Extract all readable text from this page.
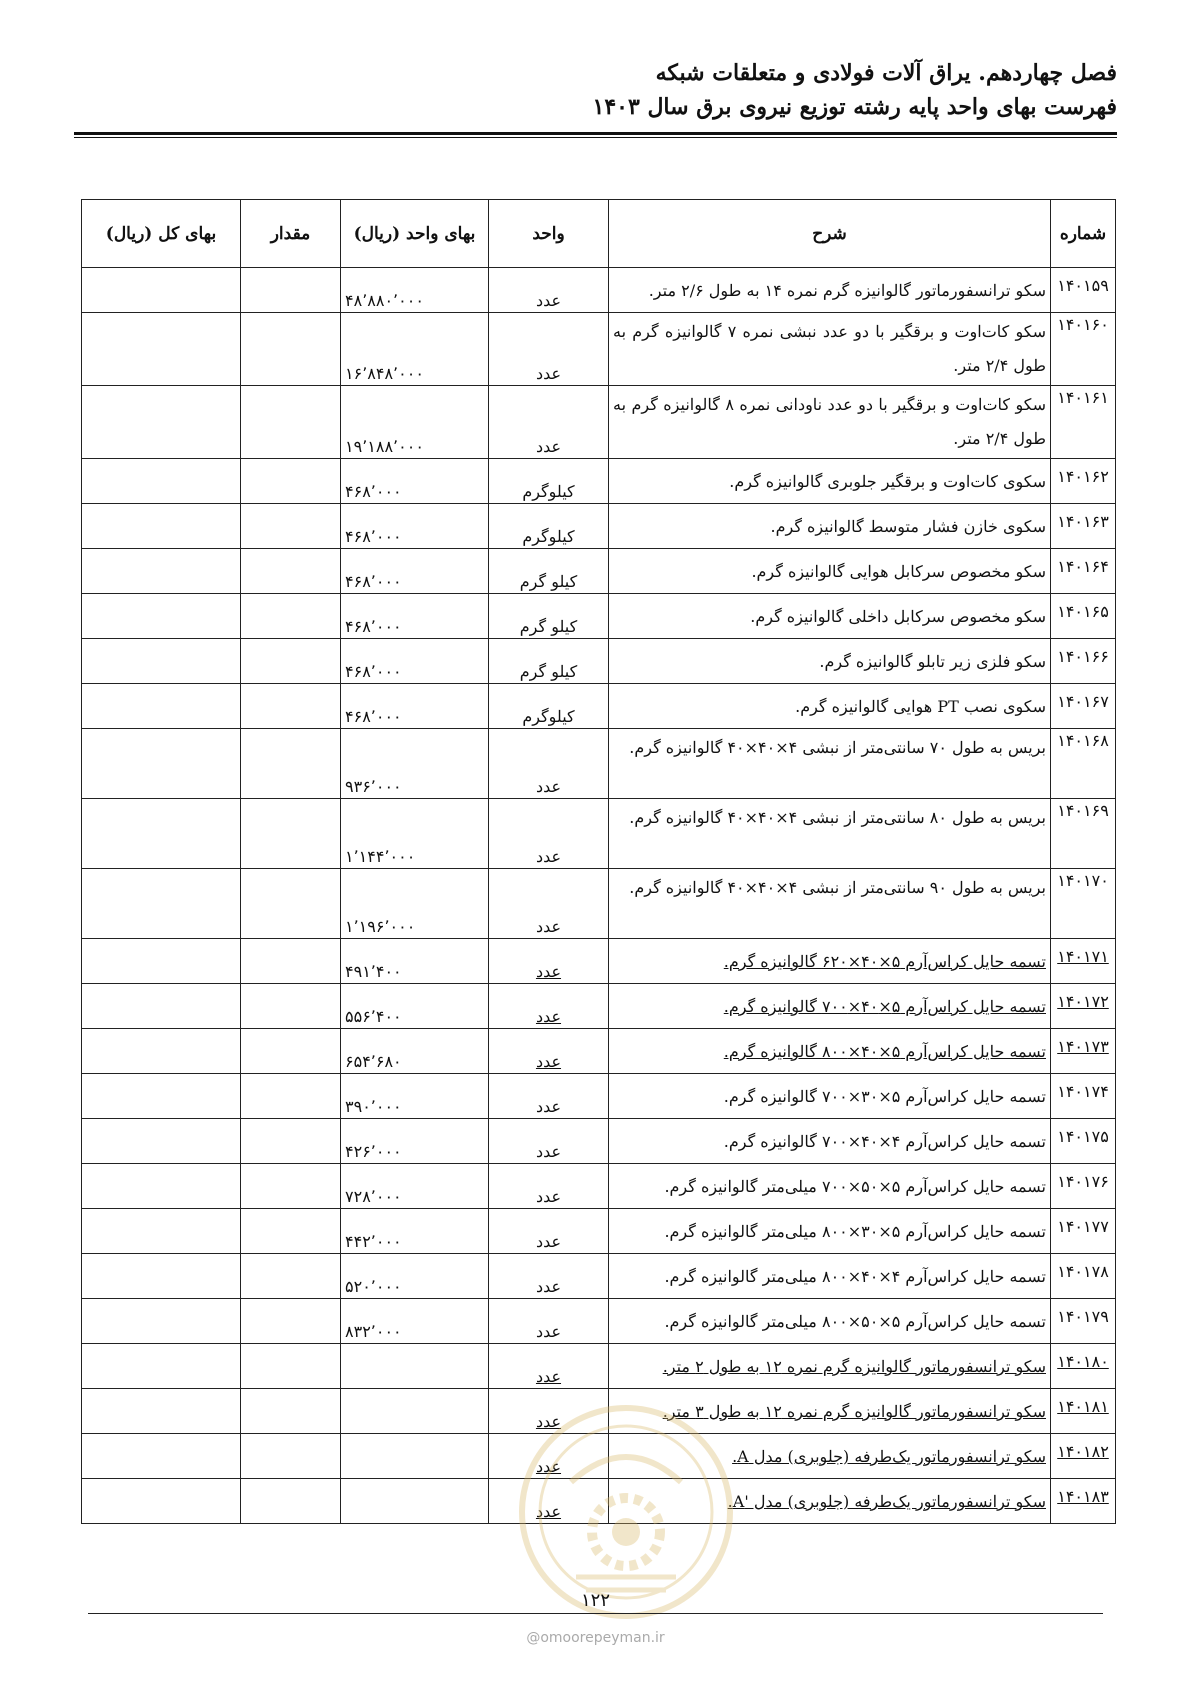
فصل چهاردهم. یراق آلات فولادی و متعلقات شبکه
فهرست بهای واحد پایه رشته توزیع نیروی برق سال ۱۴۰۳
شماره	شرح	واحد	بهای واحد (ریال)	مقدار	بهای کل (ریال)
۱۴۰۱۵۹	سکو ترانسفورماتور گالوانیزه گرم نمره ۱۴ به طول ۲/۶ متر.	عدد	۴۸٬۸۸۰٬۰۰۰		
۱۴۰۱۶۰	سکو کات‌اوت و برقگیر با دو عدد نبشی نمره ۷ گالوانیزه گرم به طول ۲/۴ متر.	عدد	۱۶٬۸۴۸٬۰۰۰		
۱۴۰۱۶۱	سکو کات‌اوت و برقگیر با دو عدد ناودانی نمره ۸ گالوانیزه گرم به طول ۲/۴ متر.	عدد	۱۹٬۱۸۸٬۰۰۰		
۱۴۰۱۶۲	سکوی کات‌اوت و برقگیر جلوبری گالوانیزه گرم.	کیلوگرم	۴۶۸٬۰۰۰		
۱۴۰۱۶۳	سکوی خازن فشار متوسط گالوانیزه گرم.	کیلوگرم	۴۶۸٬۰۰۰		
۱۴۰۱۶۴	سکو مخصوص سرکابل هوایی گالوانیزه گرم.	کیلو گرم	۴۶۸٬۰۰۰		
۱۴۰۱۶۵	سکو مخصوص سرکابل داخلی گالوانیزه گرم.	کیلو گرم	۴۶۸٬۰۰۰		
۱۴۰۱۶۶	سکو فلزی زیر تابلو گالوانیزه گرم.	کیلو گرم	۴۶۸٬۰۰۰		
۱۴۰۱۶۷	سکوی نصب PT هوایی گالوانیزه گرم.	کیلوگرم	۴۶۸٬۰۰۰		
۱۴۰۱۶۸	بریس به طول ۷۰ سانتی‌متر از نبشی ۴×۴۰×۴۰ گالوانیزه گرم.	عدد	۹۳۶٬۰۰۰		
۱۴۰۱۶۹	بریس به طول ۸۰ سانتی‌متر از نبشی ۴×۴۰×۴۰ گالوانیزه گرم.	عدد	۱٬۱۴۴٬۰۰۰		
۱۴۰۱۷۰	بریس به طول ۹۰ سانتی‌متر از نبشی ۴×۴۰×۴۰ گالوانیزه گرم.	عدد	۱٬۱۹۶٬۰۰۰		
۱۴۰۱۷۱	تسمه حایل کراس‌آرم ۵×۴۰×۶۲۰ گالوانیزه گرم.	عدد	۴۹۱٬۴۰۰		
۱۴۰۱۷۲	تسمه حایل کراس‌آرم ۵×۴۰×۷۰۰ گالوانیزه گرم.	عدد	۵۵۶٬۴۰۰		
۱۴۰۱۷۳	تسمه حایل کراس‌آرم ۵×۴۰×۸۰۰ گالوانیزه گرم.	عدد	۶۵۴٬۶۸۰		
۱۴۰۱۷۴	تسمه حایل کراس‌آرم ۵×۳۰×۷۰۰ گالوانیزه گرم.	عدد	۳۹۰٬۰۰۰		
۱۴۰۱۷۵	تسمه حایل کراس‌آرم ۴×۴۰×۷۰۰ گالوانیزه گرم.	عدد	۴۲۶٬۰۰۰		
۱۴۰۱۷۶	تسمه حایل کراس‌آرم ۵×۵۰×۷۰۰ میلی‌متر گالوانیزه گرم.	عدد	۷۲۸٬۰۰۰		
۱۴۰۱۷۷	تسمه حایل کراس‌آرم ۵×۳۰×۸۰۰ میلی‌متر گالوانیزه گرم.	عدد	۴۴۲٬۰۰۰		
۱۴۰۱۷۸	تسمه حایل کراس‌آرم ۴×۴۰×۸۰۰ میلی‌متر گالوانیزه گرم.	عدد	۵۲۰٬۰۰۰		
۱۴۰۱۷۹	تسمه حایل کراس‌آرم ۵×۵۰×۸۰۰ میلی‌متر گالوانیزه گرم.	عدد	۸۳۲٬۰۰۰		
۱۴۰۱۸۰	سکو ترانسفورماتور گالوانیزه گرم نمره ۱۲ به طول ۲ متر.	عدد			
۱۴۰۱۸۱	سکو ترانسفورماتور گالوانیزه گرم نمره ۱۲ به طول ۳ متر.	عدد			
۱۴۰۱۸۲	سکو ترانسفورماتور یک‌طرفه (جلوبری) مدل A.	عدد			
۱۴۰۱۸۳	سکو ترانسفورماتور یک‌طرفه (جلوبری) مدل 'A.	عدد			
۱۲۲
@omoorepeyman.ir
